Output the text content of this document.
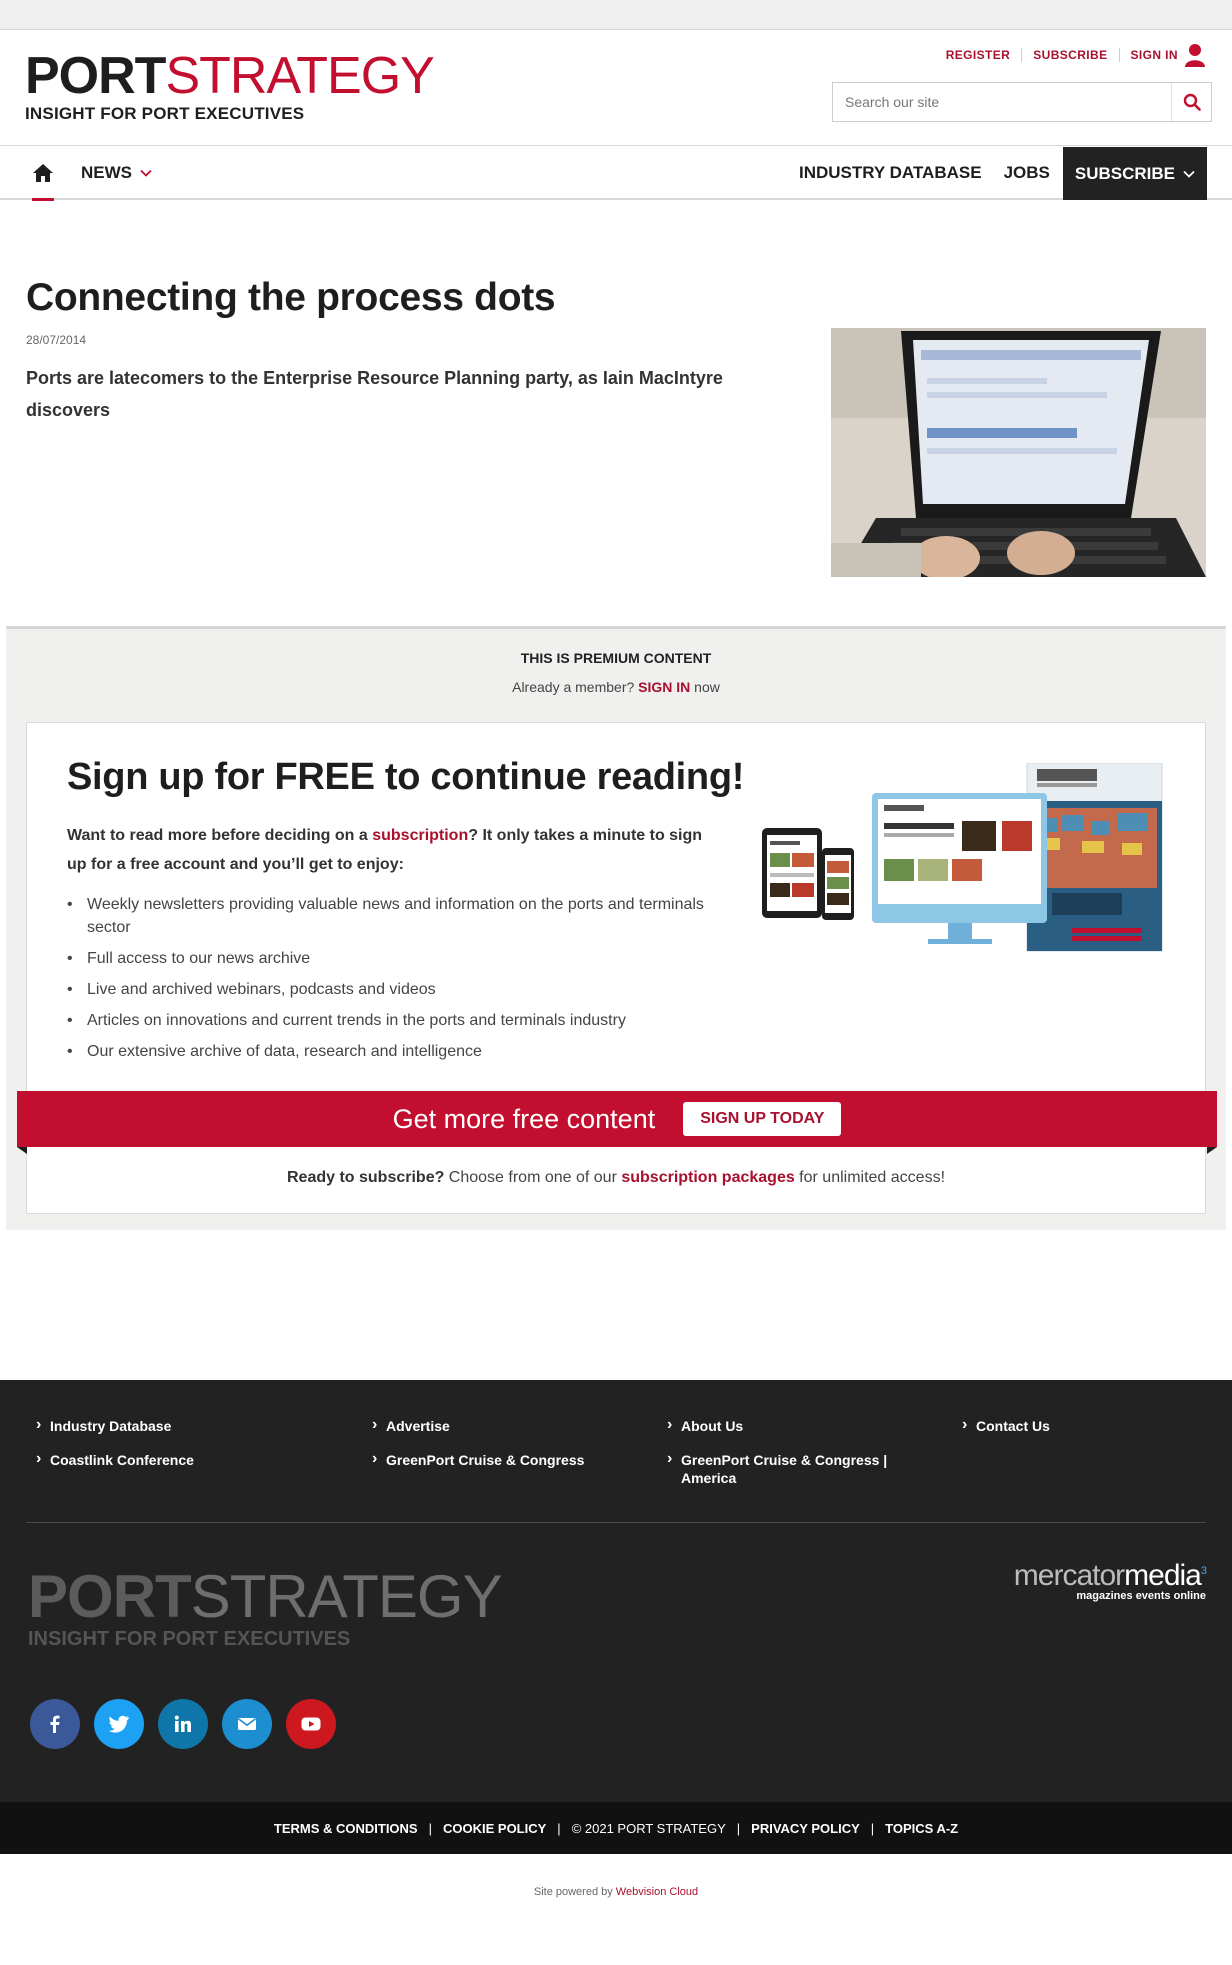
PORTSTRATEGY
INSIGHT FOR PORT EXECUTIVES
REGISTER	SUBSCRIBE	SIGN IN
Search our site
NEWS	INDUSTRY DATABASE	JOBS	SUBSCRIBE
Connecting the process dots
28/07/2014

Ports are latecomers to the Enterprise Resource Planning party, as Iain MacIntyre discovers

THIS IS PREMIUM CONTENT
Already a member? SIGN IN now
Sign up for FREE to continue reading!

Want to read more before deciding on a subscription? It only takes a minute to sign up for a free account and you’ll get to enjoy:

• Weekly newsletters providing valuable news and information on the ports and terminals sector
• Full access to our news archive
• Live and archived webinars, podcasts and videos
• Articles on innovations and current trends in the ports and terminals industry
• Our extensive archive of data, research and intelligence
Get more free content	SIGN UP TODAY
Ready to subscribe? Choose from one of our subscription packages for unlimited access!
› Industry Database
› Coastlink Conference
› Advertise
› GreenPort Cruise & Congress
› About Us
› GreenPort Cruise & Congress | America
› Contact Us
PORTSTRATEGY
INSIGHT FOR PORT EXECUTIVES
mercatormedia$^3$
magazines events online
TERMS & CONDITIONS | COOKIE POLICY | © 2021 PORT STRATEGY | PRIVACY POLICY | TOPICS A-Z
Site powered by Webvision Cloud
